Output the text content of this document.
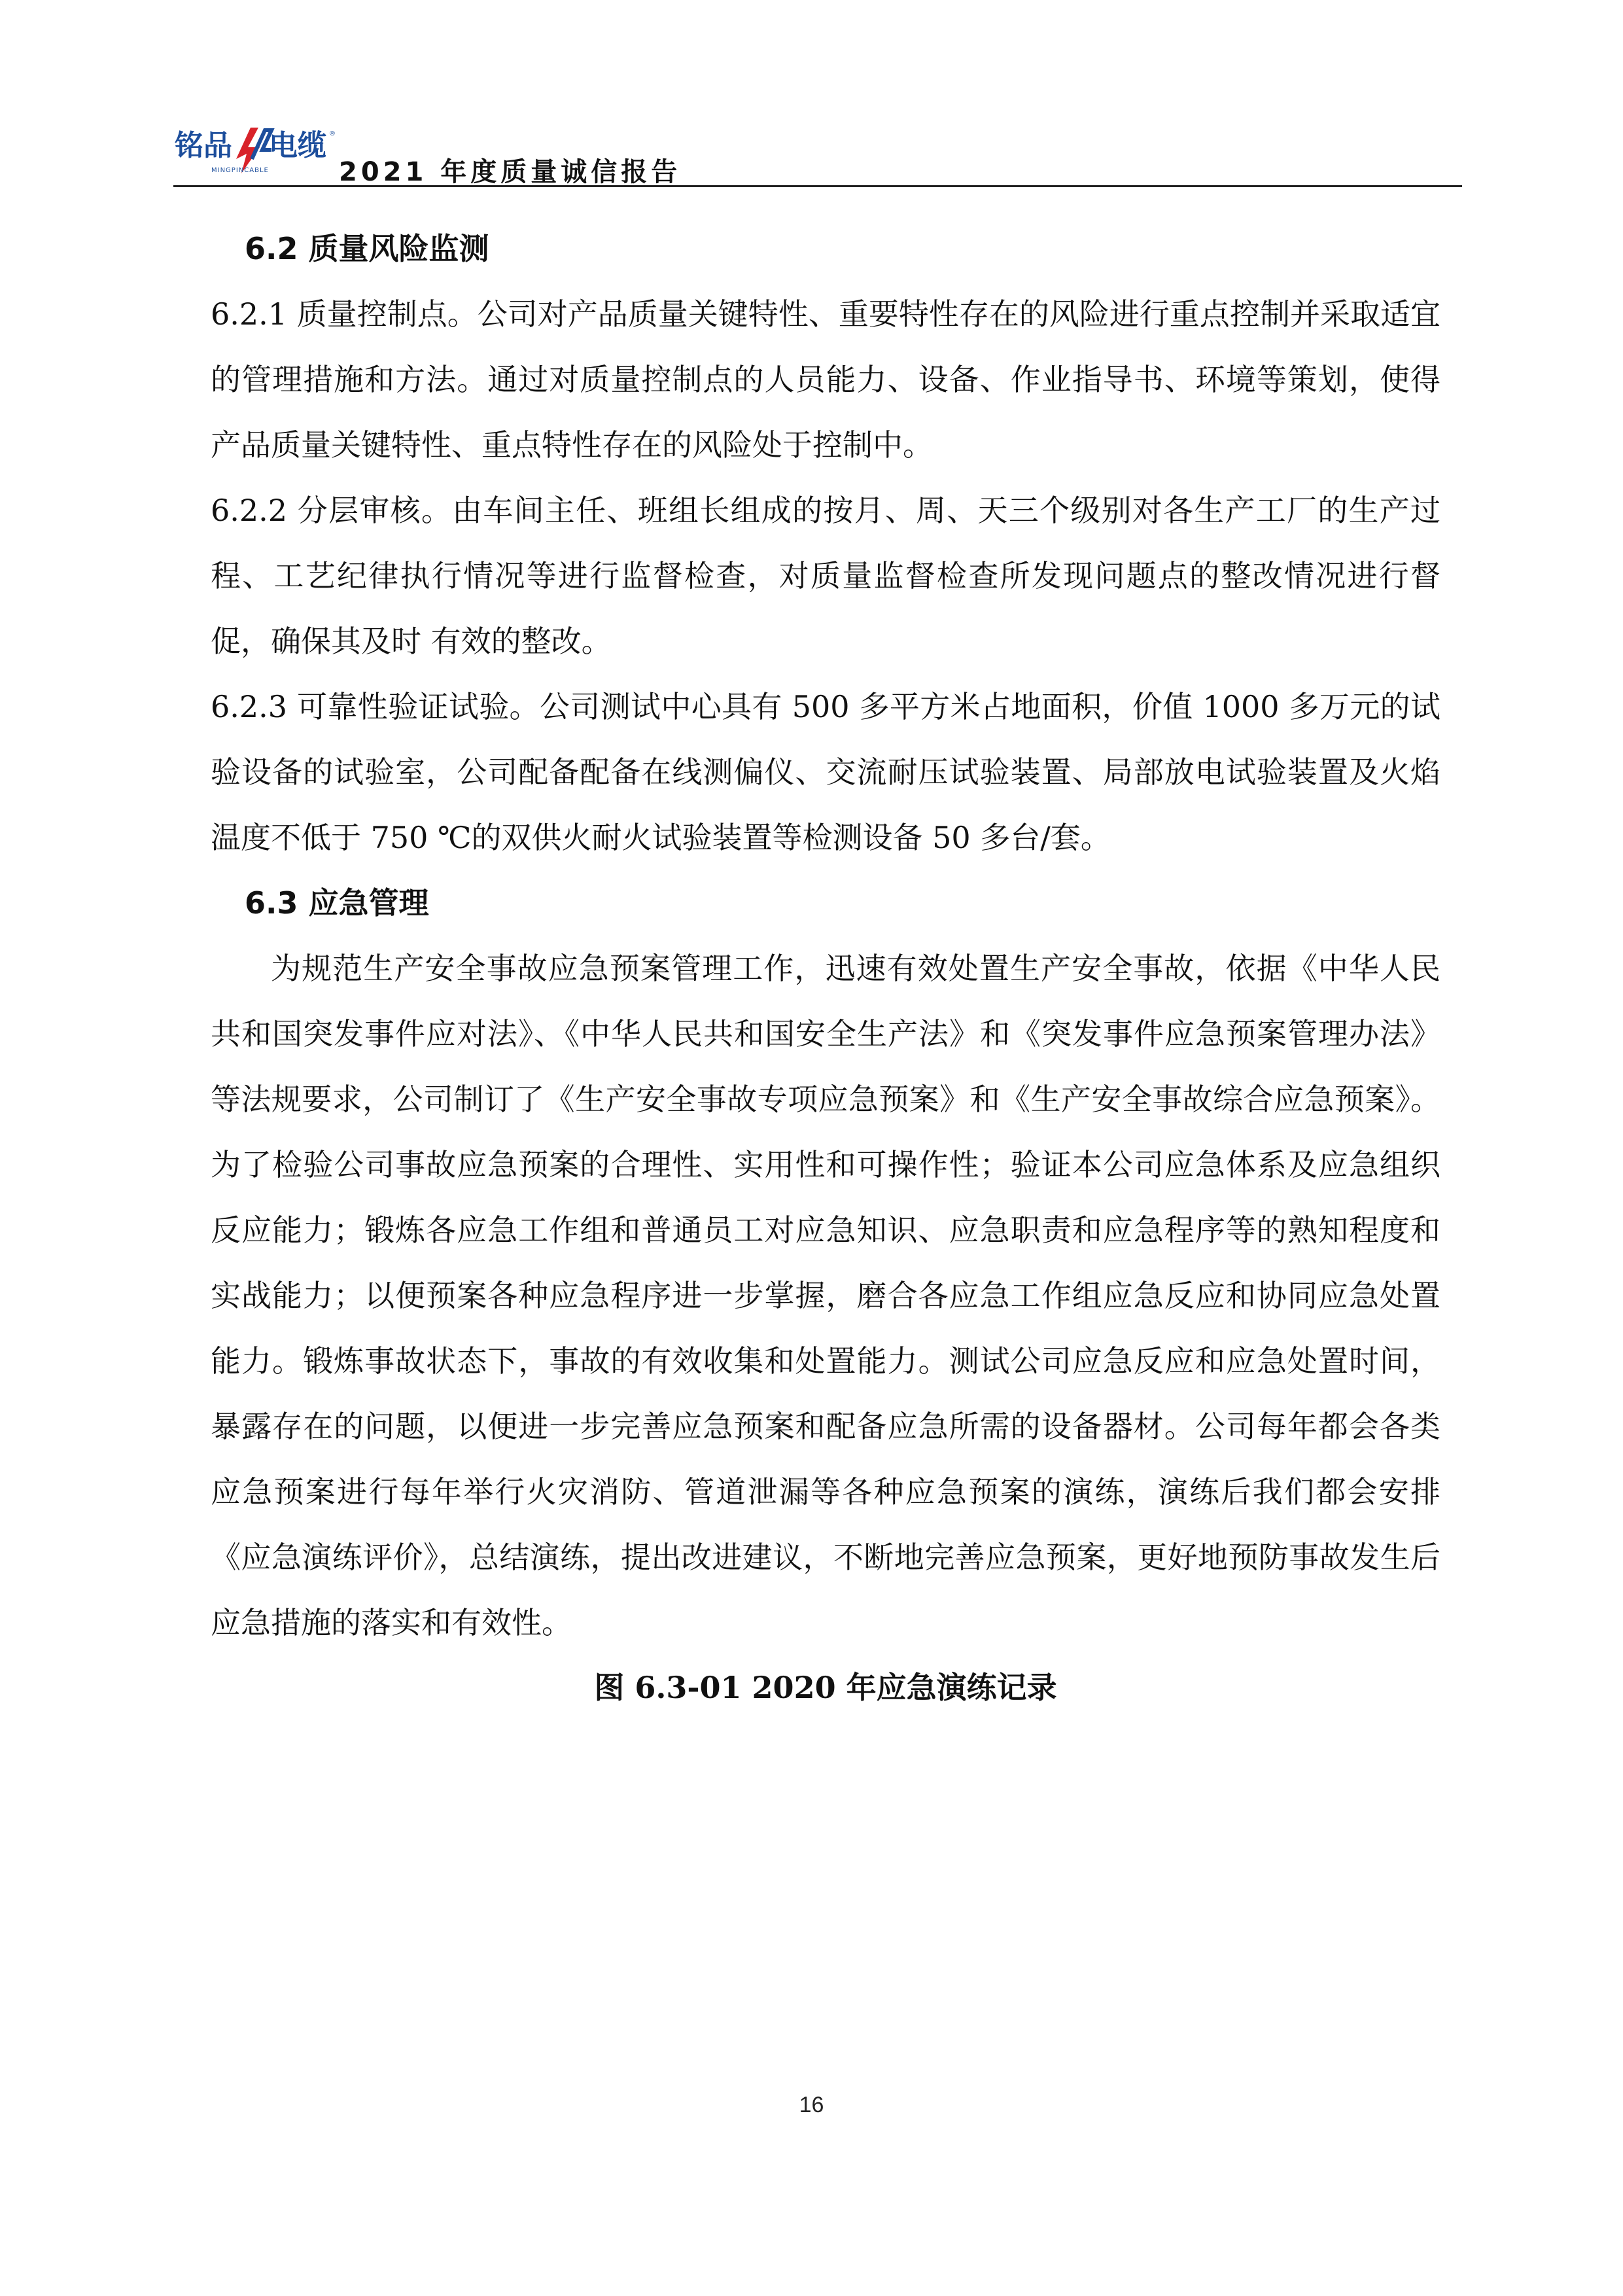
铭品 电缆 ®
MINGPINCABLE	2021 年度质量诚信报告
6.2 质量风险监测

6.2.1 质量控制点。公司对产品质量关键特性、重要特性存在的风险进行重点控制并采取适宜的管理措施和方法。通过对质量控制点的人员能力、设备、作业指导书、环境等策划，使得产品质量关键特性、重点特性存在的风险处于控制中。

6.2.2 分层审核。由车间主任、班组长组成的按月、周、天三个级别对各生产工厂的生产过程、工艺纪律执行情况等进行监督检查，对质量监督检查所发现问题点的整改情况进行督促，确保其及时 有效的整改。

6.2.3 可靠性验证试验。公司测试中心具有 500 多平方米占地面积，价值 1000 多万元的试验设备的试验室，公司配备配备在线测偏仪、交流耐压试验装置、局部放电试验装置及火焰温度不低于 750 ℃的双供火耐火试验装置等检测设备 50 多台/套。

6.3 应急管理

为规范生产安全事故应急预案管理工作，迅速有效处置生产安全事故，依据《中华人民共和国突发事件应对法》、《中华人民共和国安全生产法》和《突发事件应急预案管理办法》等法规要求，公司制订了《生产安全事故专项应急预案》和《生产安全事故综合应急预案》。为了检验公司事故应急预案的合理性、实用性和可操作性；验证本公司应急体系及应急组织反应能力；锻炼各应急工作组和普通员工对应急知识、应急职责和应急程序等的熟知程度和实战能力；以便预案各种应急程序进一步掌握，磨合各应急工作组应急反应和协同应急处置能力。锻炼事故状态下，事故的有效收集和处置能力。测试公司应急反应和应急处置时间，暴露存在的问题，以便进一步完善应急预案和配备应急所需的设备器材。公司每年都会各类应急预案进行每年举行火灾消防、管道泄漏等各种应急预案的演练，演练后我们都会安排《应急演练评价》，总结演练，提出改进建议，不断地完善应急预案，更好地预防事故发生后应急措施的落实和有效性。

图 6.3-01 2020 年应急演练记录
16
